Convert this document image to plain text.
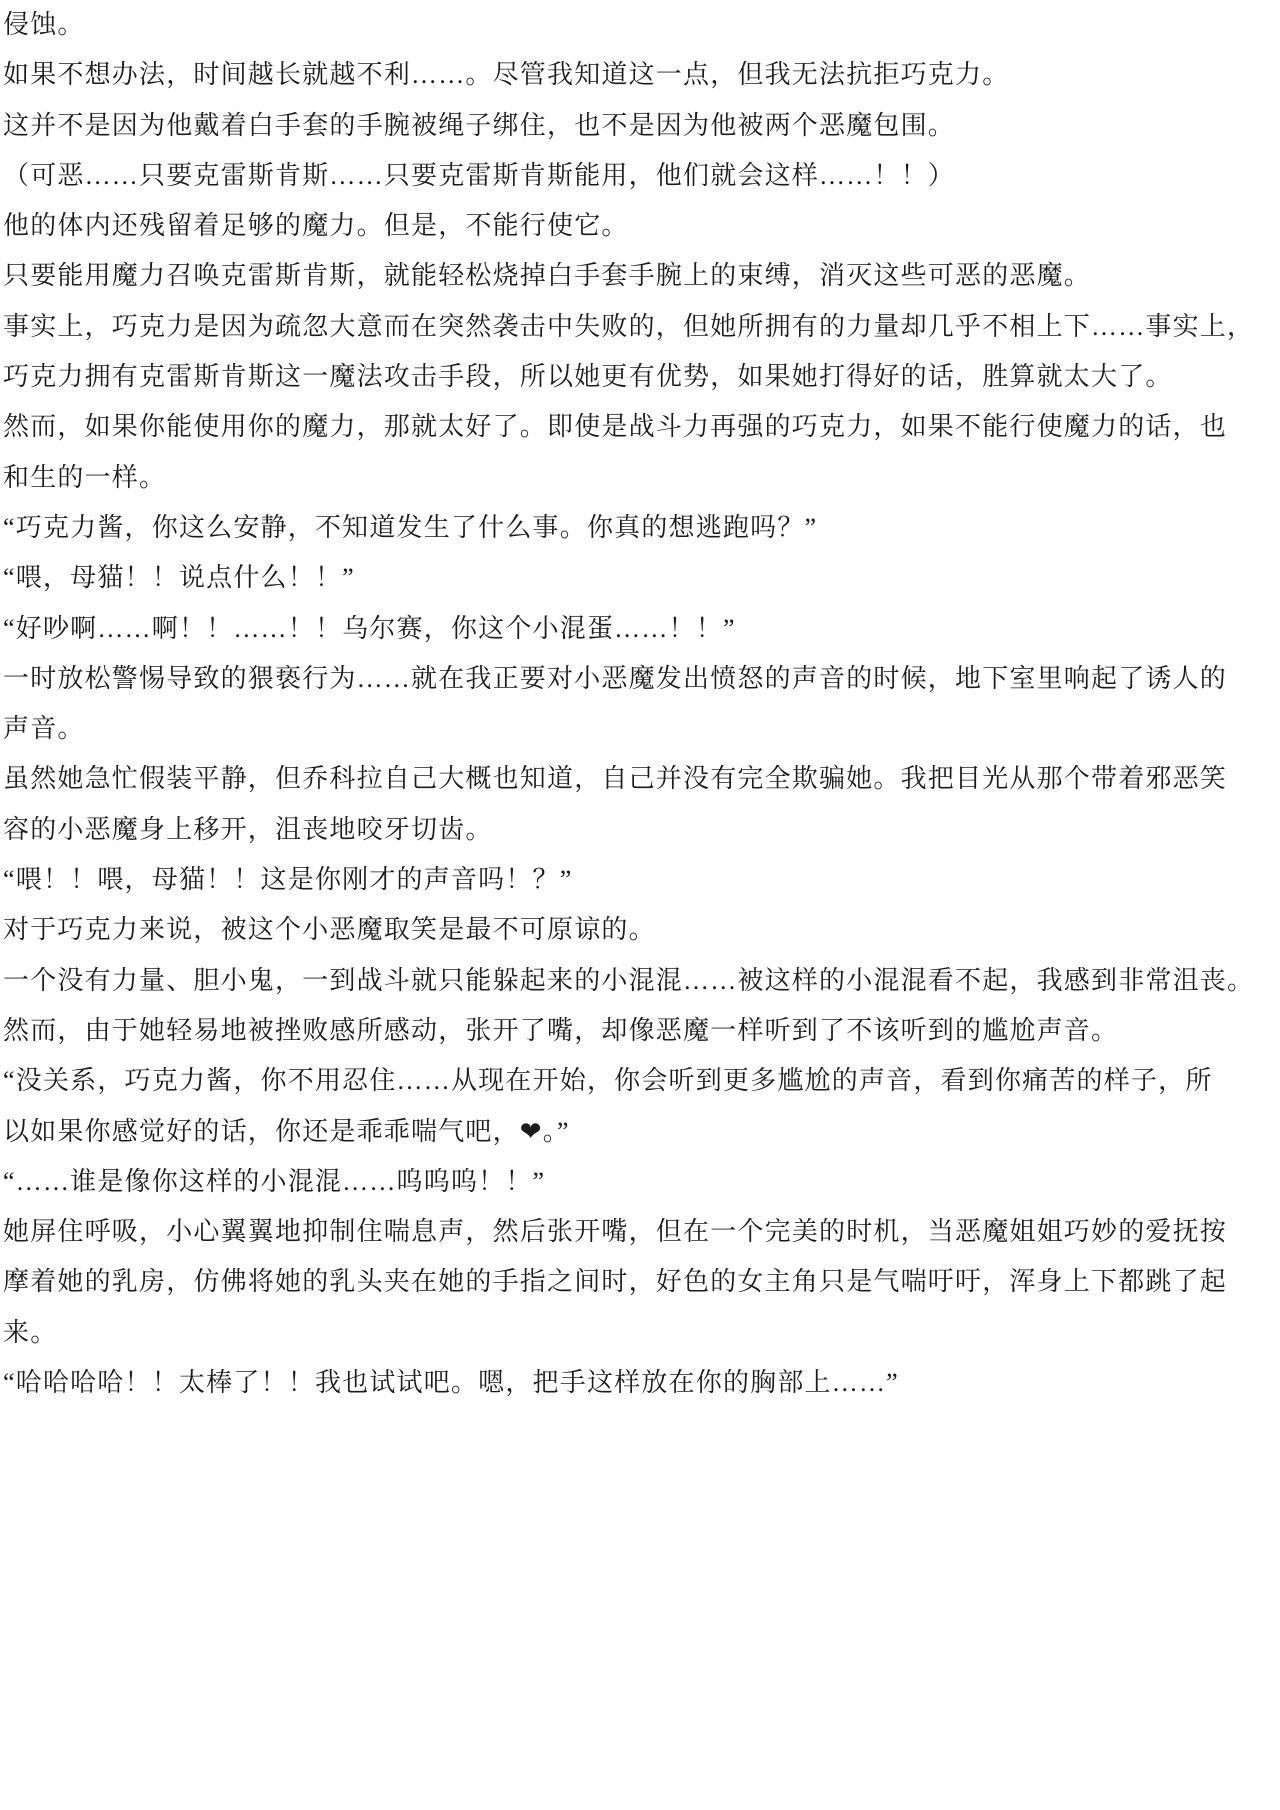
侵蚀。
如果不想办法，时间越长就越不利……。尽管我知道这一点，但我无法抗拒巧克力。
这并不是因为他戴着白手套的手腕被绳子绑住，也不是因为他被两个恶魔包围。
（可恶……只要克雷斯肯斯……只要克雷斯肯斯能用，他们就会这样……！！）
他的体内还残留着足够的魔力。但是，不能行使它。
只要能用魔力召唤克雷斯肯斯，就能轻松烧掉白手套手腕上的束缚，消灭这些可恶的恶魔。
事实上，巧克力是因为疏忽大意而在突然袭击中失败的，但她所拥有的力量却几乎不相上下……事实上，
巧克力拥有克雷斯肯斯这一魔法攻击手段，所以她更有优势，如果她打得好的话，胜算就太大了。
然而，如果你能使用你的魔力，那就太好了。即使是战斗力再强的巧克力，如果不能行使魔力的话，也
和生的一样。
“巧克力酱，你这么安静，不知道发生了什么事。你真的想逃跑吗？”
“喂，母猫！！说点什么！！”
“好吵啊……啊！！……！！乌尔赛，你这个小混蛋……！！”
一时放松警惕导致的猥亵行为……就在我正要对小恶魔发出愤怒的声音的时候，地下室里响起了诱人的
声音。
虽然她急忙假装平静，但乔科拉自己大概也知道，自己并没有完全欺骗她。我把目光从那个带着邪恶笑
容的小恶魔身上移开，沮丧地咬牙切齿。
“喂！！喂，母猫！！这是你刚才的声音吗！？”
对于巧克力来说，被这个小恶魔取笑是最不可原谅的。
一个没有力量、胆小鬼，一到战斗就只能躲起来的小混混……被这样的小混混看不起，我感到非常沮丧。
然而，由于她轻易地被挫败感所感动，张开了嘴，却像恶魔一样听到了不该听到的尴尬声音。
“没关系，巧克力酱，你不用忍住……从现在开始，你会听到更多尴尬的声音，看到你痛苦的样子，所
以如果你感觉好的话，你还是乖乖喘气吧，❤。”
“……谁是像你这样的小混混……呜呜呜！！”
她屏住呼吸，小心翼翼地抑制住喘息声，然后张开嘴，但在一个完美的时机，当恶魔姐姐巧妙的爱抚按
摩着她的乳房，仿佛将她的乳头夹在她的手指之间时，好色的女主角只是气喘吁吁，浑身上下都跳了起
来。
“哈哈哈哈！！太棒了！！我也试试吧。嗯，把手这样放在你的胸部上……”
